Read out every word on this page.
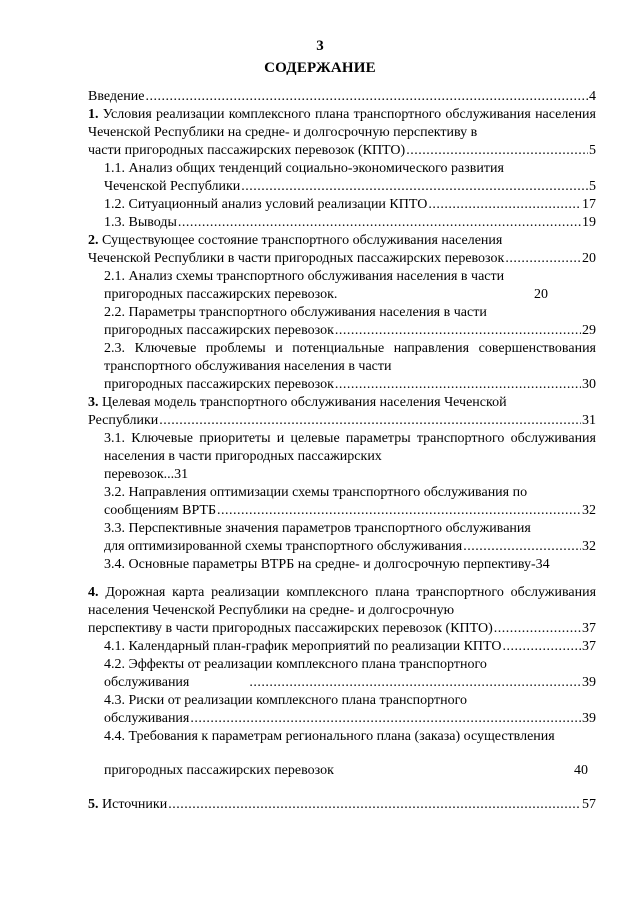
3
СОДЕРЖАНИЕ
Введение .....	4
1. Условия реализации комплексного плана транспортного обслуживания населения Чеченской Республики на средне- и долгосрочную перспективу в
части пригородных пассажирских перевозок (КПТО) .....	5
1.1. Анализ общих тенденций социально-экономического развития
Чеченской Республики .....	5
1.2. Ситуационный анализ условий реализации КПТО .....	17
1.3. Выводы .....	19
2. Существующее состояние транспортного обслуживания населения
Чеченской Республики в части пригородных пассажирских перевозок .....	20
2.1. Анализ схемы транспортного обслуживания населения в части
пригородных пассажирских перевозок.	20
2.2. Параметры транспортного обслуживания населения в части
пригородных пассажирских перевозок .....	29
2.3. Ключевые проблемы и потенциальные направления совершенствования транспортного обслуживания населения в части
пригородных пассажирских перевозок .....	30
3. Целевая модель транспортного обслуживания населения Чеченской
Республики .....	31
3.1. Ключевые приоритеты и целевые параметры транспортного обслуживания населения в части пригородных пассажирских
перевозок...31
3.2. Направления оптимизации схемы транспортного обслуживания по
сообщениям ВРТБ .....	32
3.3. Перспективные значения параметров транспортного обслуживания
для оптимизированной схемы транспортного обслуживания .....	32
3.4. Основные параметры ВТРБ на средне- и долгосрочную перпективу-34
4. Дорожная карта реализации комплексного плана транспортного обслуживания населения Чеченской Республики на средне- и долгосрочную
перспективу в части пригородных пассажирских перевозок (КПТО) .....	37
4.1. Календарный план-график мероприятий по реализации КПТО .....	37
4.2. Эффекты от реализации комплексного плана транспортного
обслуживания .....	39
4.3. Риски от реализации комплексного плана транспортного
обслуживания .....	39
4.4. Требования к параметрам регионального плана (заказа) осуществления
пригородных пассажирских перевозок	40
5. Источники .....	57
